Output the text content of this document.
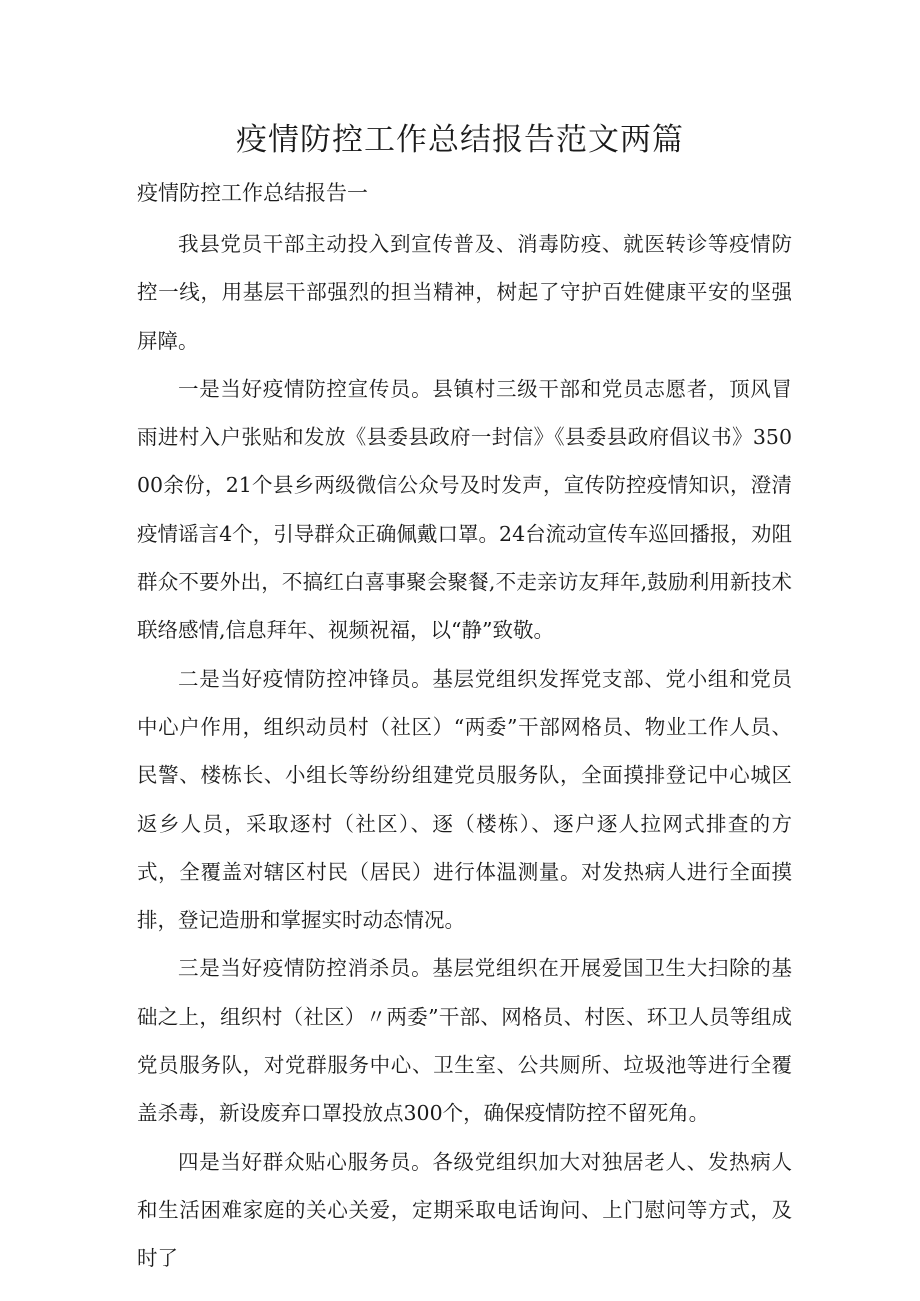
疫情防控工作总结报告范文两篇
疫情防控工作总结报告一

我县党员干部主动投入到宣传普及、消毒防疫、就医转诊等疫情防控一线，用基层干部强烈的担当精神，树起了守护百姓健康平安的坚强屏障。

一是当好疫情防控宣传员。县镇村三级干部和党员志愿者，顶风冒雨进村入户张贴和发放《县委县政府一封信》《县委县政府倡议书》35000余份，21个县乡两级微信公众号及时发声，宣传防控疫情知识，澄清疫情谣言4个，引导群众正确佩戴口罩。24台流动宣传车巡回播报，劝阻群众不要外出，不搞红白喜事聚会聚餐,不走亲访友拜年,鼓励利用新技术联络感情,信息拜年、视频祝福，以“静”致敬。

二是当好疫情防控冲锋员。基层党组织发挥党支部、党小组和党员中心户作用，组织动员村（社区）“两委”干部网格员、物业工作人员、民警、楼栋长、小组长等纷纷组建党员服务队，全面摸排登记中心城区返乡人员，采取逐村（社区）、逐（楼栋）、逐户逐人拉网式排查的方式，全覆盖对辖区村民（居民）进行体温测量。对发热病人进行全面摸排，登记造册和掌握实时动态情况。

三是当好疫情防控消杀员。基层党组织在开展爱国卫生大扫除的基础之上，组织村（社区）〃两委”干部、网格员、村医、环卫人员等组成党员服务队，对党群服务中心、卫生室、公共厕所、垃圾池等进行全覆盖杀毒，新设废弃口罩投放点300个，确保疫情防控不留死角。

四是当好群众贴心服务员。各级党组织加大对独居老人、发热病人和生活困难家庭的关心关爱，定期采取电话询问、上门慰问等方式，及时了
